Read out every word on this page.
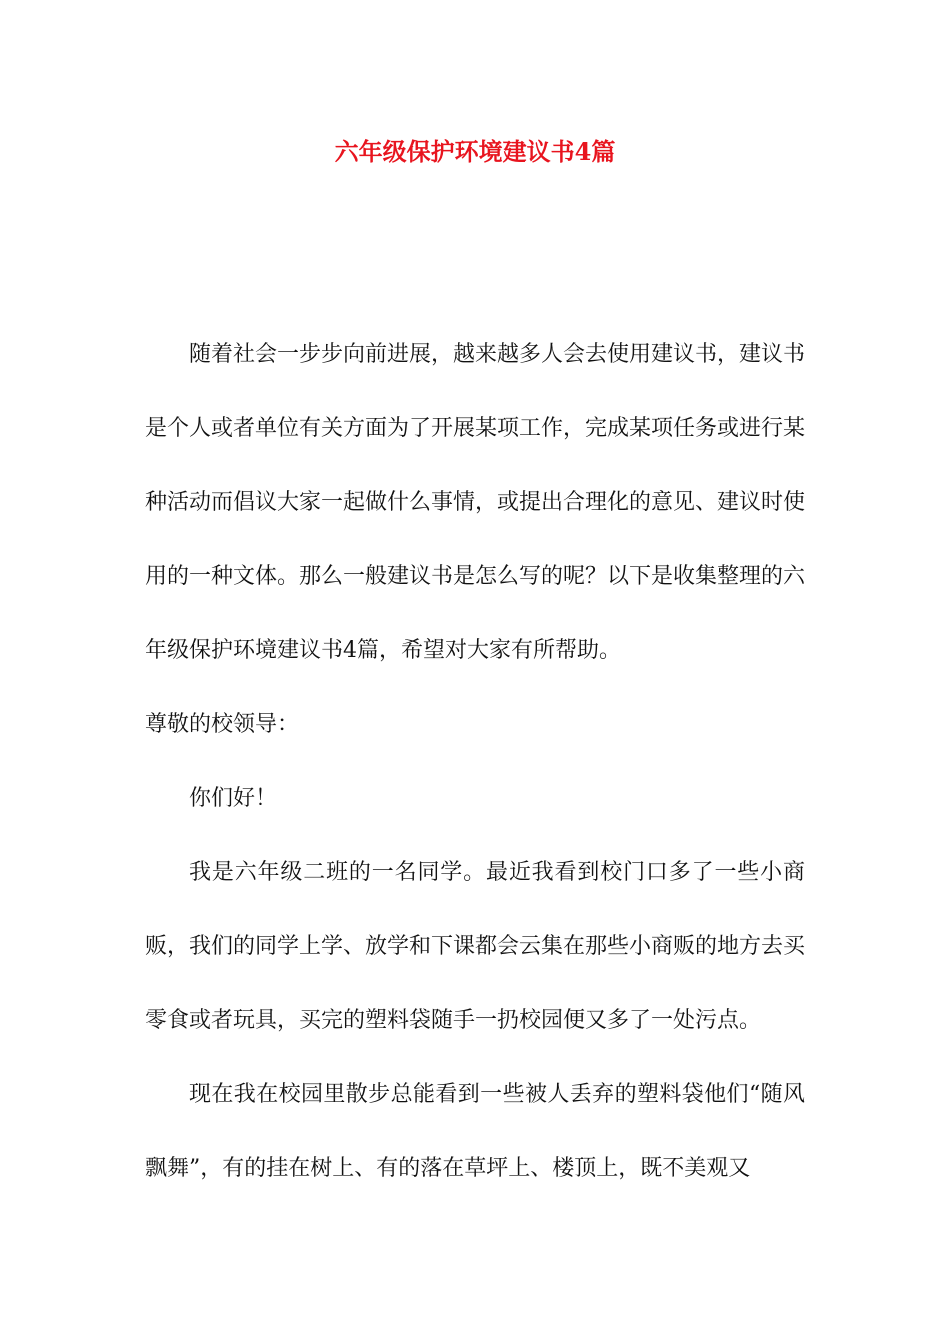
六年级保护环境建议书4篇

随着社会一步步向前进展，越来越多人会去使用建议书，建议书是个人或者单位有关方面为了开展某项工作，完成某项任务或进行某种活动而倡议大家一起做什么事情，或提出合理化的意见、建议时使用的一种文体。那么一般建议书是怎么写的呢？以下是收集整理的六年级保护环境建议书4篇，希望对大家有所帮助。

尊敬的校领导：

你们好！

我是六年级二班的一名同学。最近我看到校门口多了一些小商贩，我们的同学上学、放学和下课都会云集在那些小商贩的地方去买零食或者玩具，买完的塑料袋随手一扔校园便又多了一处污点。

现在我在校园里散步总能看到一些被人丢弃的塑料袋他们“随风飘舞”，有的挂在树上、有的落在草坪上、楼顶上，既不美观又
